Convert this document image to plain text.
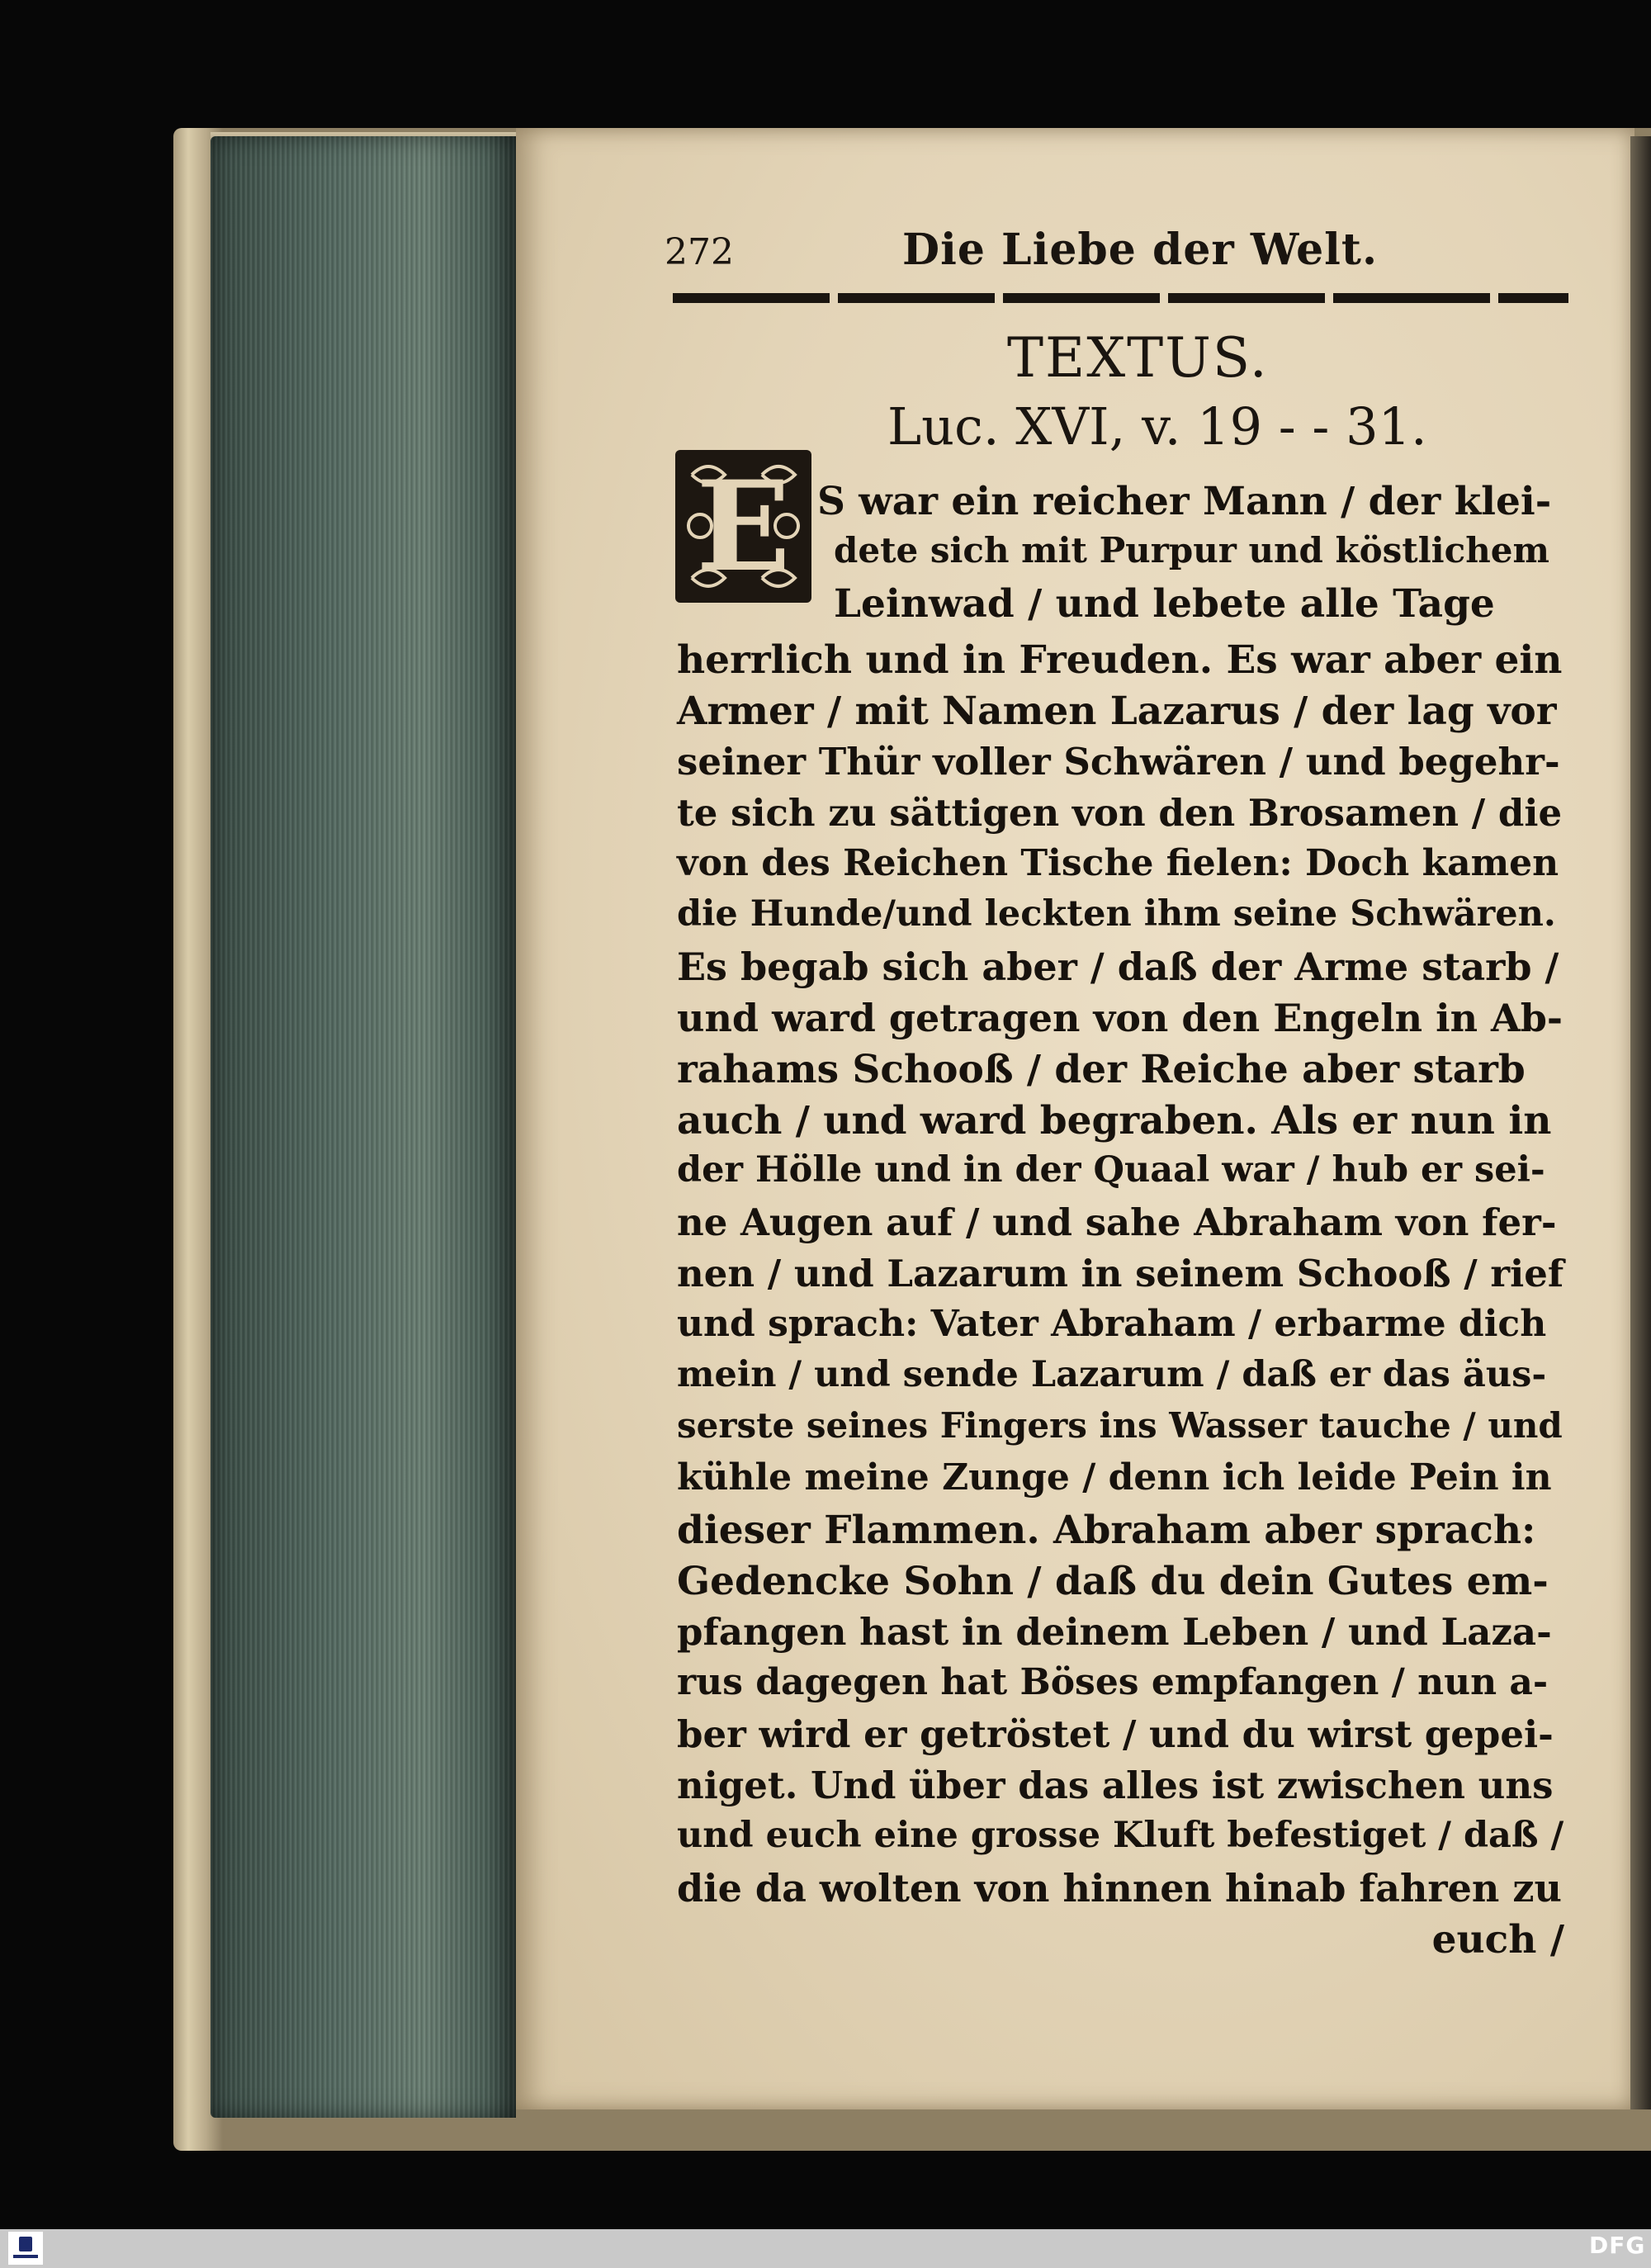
272	Die Liebe der Welt.
TEXTUS.
Luc. XVI, v. 19 - - 31.
E S war ein reicher Mann / der klei-
dete sich mit Purpur und köstlichem
Leinwad / und lebete alle Tage
herrlich und in Freuden. Es war aber ein
Armer / mit Namen Lazarus / der lag vor
seiner Thür voller Schwären / und begehr-
te sich zu sättigen von den Brosamen / die
von des Reichen Tische fielen: Doch kamen
die Hunde/und leckten ihm seine Schwären.
Es begab sich aber / daß der Arme starb /
und ward getragen von den Engeln in Ab-
rahams Schooß / der Reiche aber starb
auch / und ward begraben. Als er nun in
der Hölle und in der Quaal war / hub er sei-
ne Augen auf / und sahe Abraham von fer-
nen / und Lazarum in seinem Schooß / rief
und sprach: Vater Abraham / erbarme dich
mein / und sende Lazarum / daß er das äus-
serste seines Fingers ins Wasser tauche / und
kühle meine Zunge / denn ich leide Pein in
dieser Flammen. Abraham aber sprach:
Gedencke Sohn / daß du dein Gutes em-
pfangen hast in deinem Leben / und Laza-
rus dagegen hat Böses empfangen / nun a-
ber wird er getröstet / und du wirst gepei-
niget. Und über das alles ist zwischen uns
und euch eine grosse Kluft befestiget / daß /
die da wolten von hinnen hinab fahren zu
euch /
DFG
